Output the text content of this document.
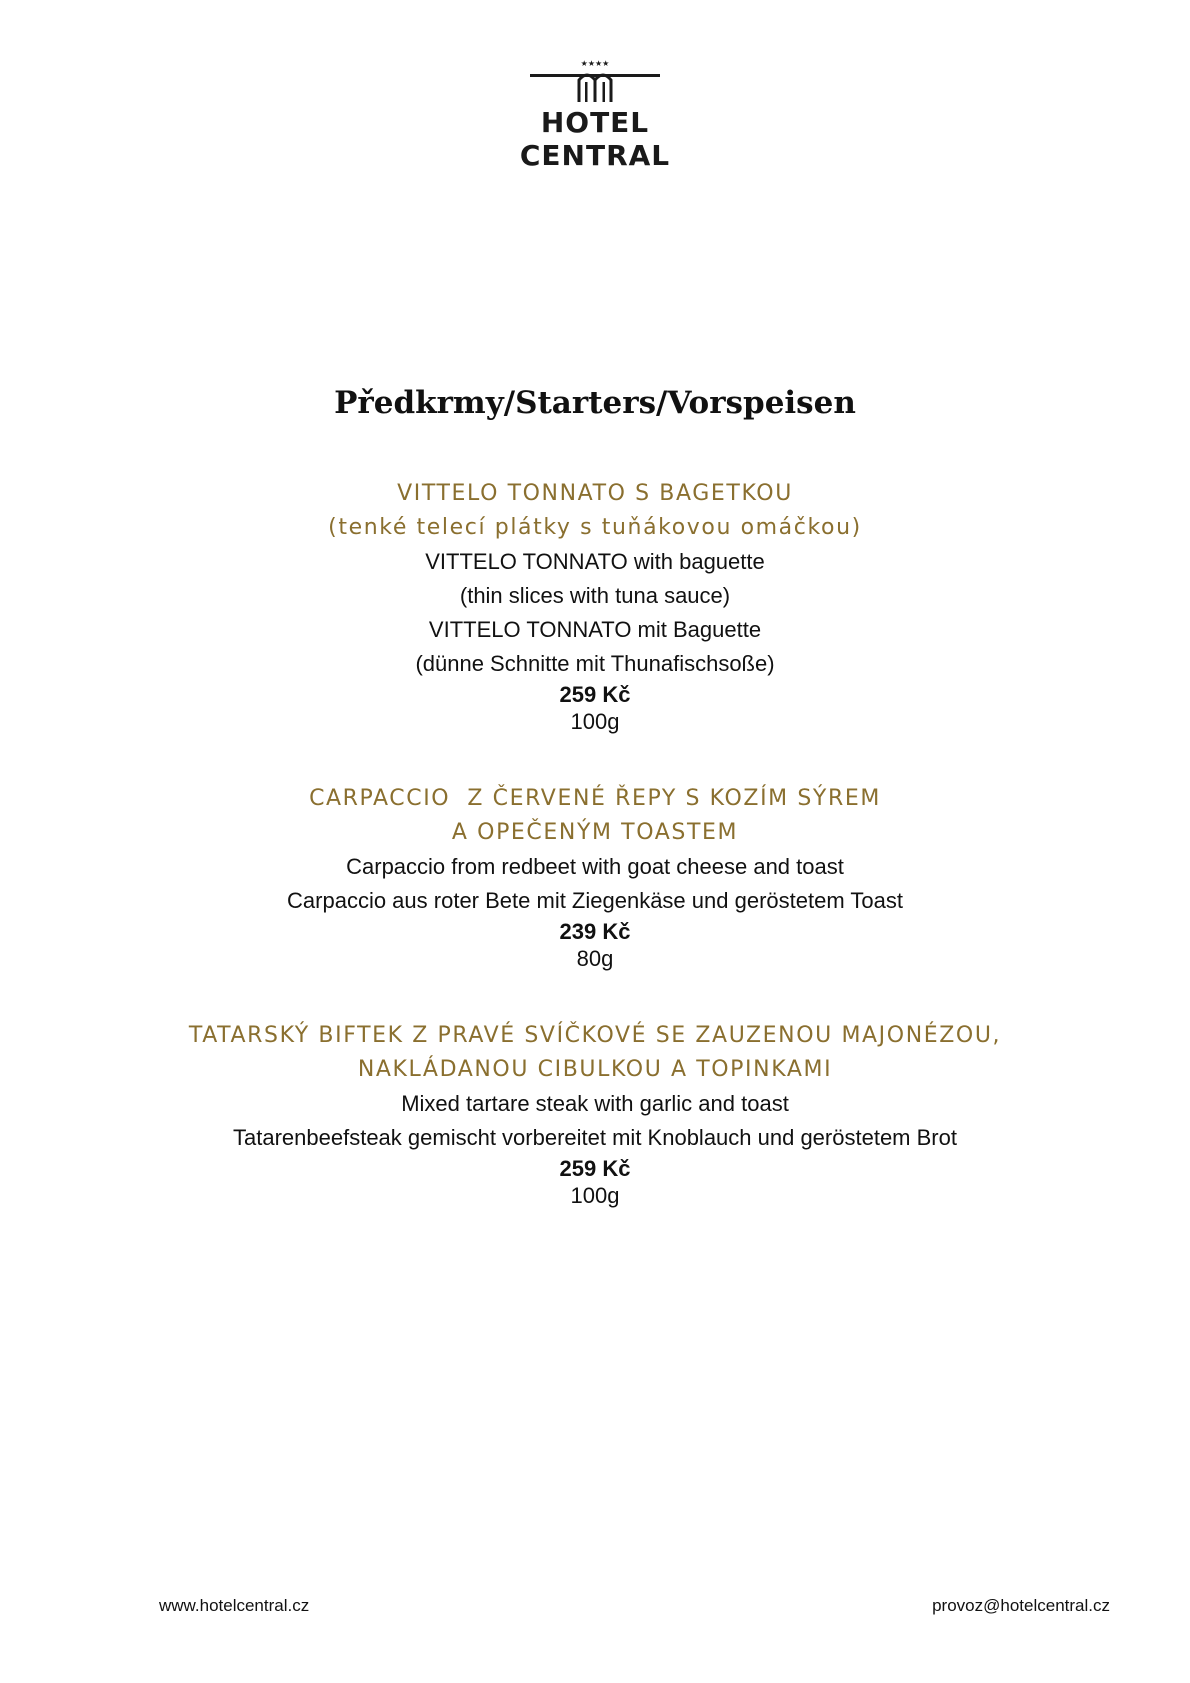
★★★★
HOTEL
CENTRAL
Předkrmy/Starters/Vorspeisen
VITTELO TONNATO S BAGETKOU
(tenké telecí plátky s tuňákovou omáčkou)
VITTELO TONNATO with baguette
(thin slices with tuna sauce)
VITTELO TONNATO mit Baguette
(dünne Schnitte mit Thunafischsoße)
259 Kč
100g
CARPACCIO  Z ČERVENÉ ŘEPY S KOZÍM SÝREM
A OPEČENÝM TOASTEM
Carpaccio from redbeet with goat cheese and toast
Carpaccio aus roter Bete mit Ziegenkäse und geröstetem Toast
239 Kč
80g
TATARSKÝ BIFTEK Z PRAVÉ SVÍČKOVÉ SE ZAUZENOU MAJONÉZOU,
NAKLÁDANOU CIBULKOU A TOPINKAMI
Mixed tartare steak with garlic and toast
Tatarenbeefsteak gemischt vorbereitet mit Knoblauch und geröstetem Brot
259 Kč
100g
www.hotelcentral.cz	provoz@hotelcentral.cz
